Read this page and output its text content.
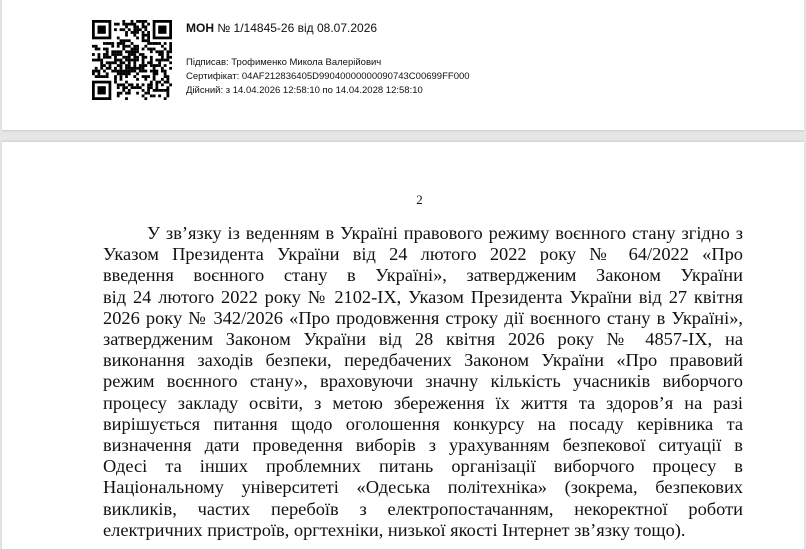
МОН № 1/14845-26 від 08.07.2026
Підписав: Трофименко Микола Валерійович
Сертифікат: 04AF212836405D99040000000090743C00699FF000
Дійсний: з 14.04.2026 12:58:10 по 14.04.2028 12:58:10
2
У зв’язку із веденням в Україні правового режиму воєнного стану згідно з
Указом Президента України від 24 лютого 2022 року № 64/2022 «Про
введення воєнного стану в Україні», затвердженим Законом України
від 24 лютого 2022 року № 2102-IX, Указом Президента України від 27 квітня
2026 року № 342/2026 «Про продовження строку дії воєнного стану в Україні»,
затвердженим Законом України від 28 квітня 2026 року № 4857-IX, на
виконання заходів безпеки, передбачених Законом України «Про правовий
режим воєнного стану», враховуючи значну кількість учасників виборчого
процесу закладу освіти, з метою збереження їх життя та здоров’я на разі
вирішується питання щодо оголошення конкурсу на посаду керівника та
визначення дати проведення виборів з урахуванням безпекової ситуації в
Одесі та інших проблемних питань організації виборчого процесу в
Національному університеті «Одеська політехніка» (зокрема, безпекових
викликів, частих перебоїв з електропостачанням, некоректної роботи
електричних пристроїв, оргтехніки, низької якості Інтернет зв’язку тощо).
